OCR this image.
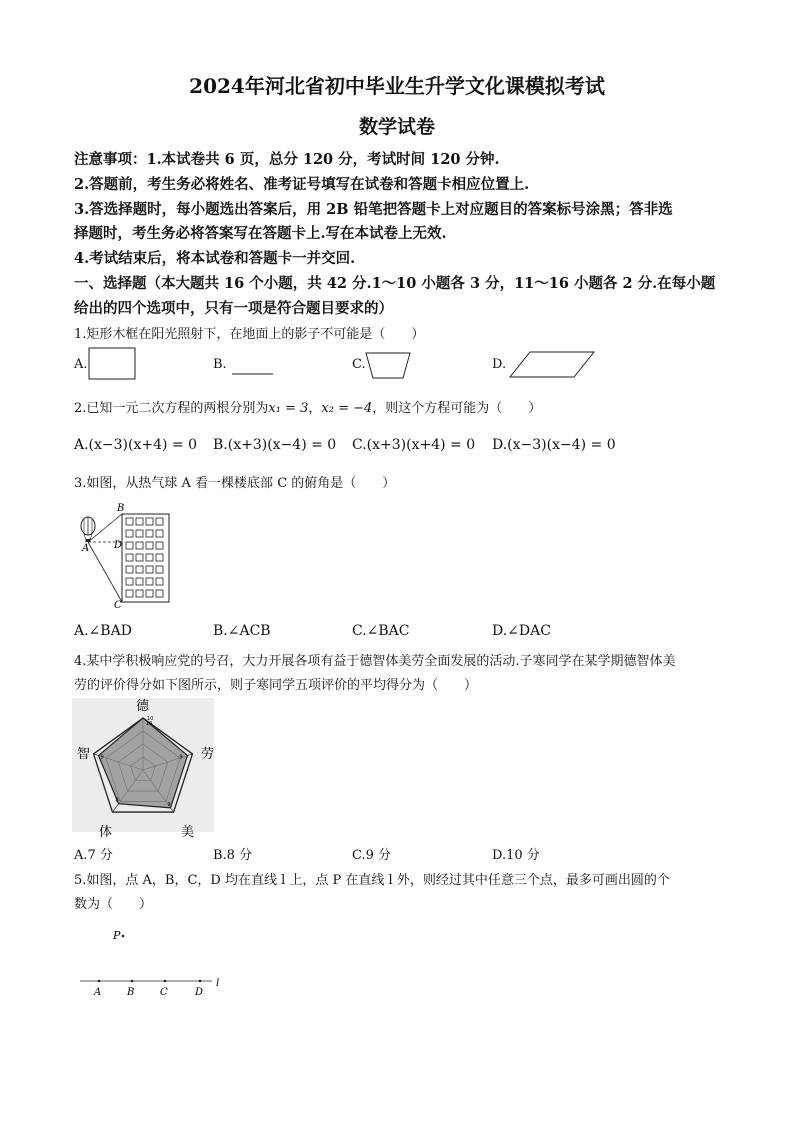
2024年河北省初中毕业生升学文化课模拟考试
数学试卷
注意事项：1.本试卷共 6 页，总分 120 分，考试时间 120 分钟.
2.答题前，考生务必将姓名、准考证号填写在试卷和答题卡相应位置上.
3.答选择题时，每小题选出答案后，用 2B 铅笔把答题卡上对应题目的答案标号涂黑；答非选
择题时，考生务必将答案写在答题卡上.写在本试卷上无效.
4.考试结束后，将本试卷和答题卡一并交回.
一、选择题（本大题共 16 个小题，共 42 分.1～10 小题各 3 分，11～16 小题各 2 分.在每小题
给出的四个选项中，只有一项是符合题目要求的）
1.矩形木框在阳光照射下，在地面上的影子不可能是（　　）
A.	B.	C.	D.
2.已知一元二次方程的两根分别为x₁ = 3，x₂ = −4，则这个方程可能为（　　）
A.(x−3)(x+4) = 0 B.(x+3)(x−4) = 0 C.(x+3)(x+4) = 0 D.(x−3)(x−4) = 0
3.如图，从热气球 A 看一棵楼底部 C 的俯角是（　　）
B
D
A
C
A.∠BAD	B.∠ACB	C.∠BAC	D.∠DAC
4.某中学积极响应党的号召，大力开展各项有益于德智体美劳全面发展的活动.子寒同学在某学期德智体美
劳的评价得分如下图所示，则子寒同学五项评价的平均得分为（　　）
德
10
劳
9
美
9
体
8
智 9
10
A.7 分	B.8 分	C.9 分	D.10 分
5.如图，点 A，B，C，D 均在直线 l 上，点 P 在直线 l 外，则经过其中任意三个点，最多可画出圆的个
数为（　　）
P
A	B	C	D
l
